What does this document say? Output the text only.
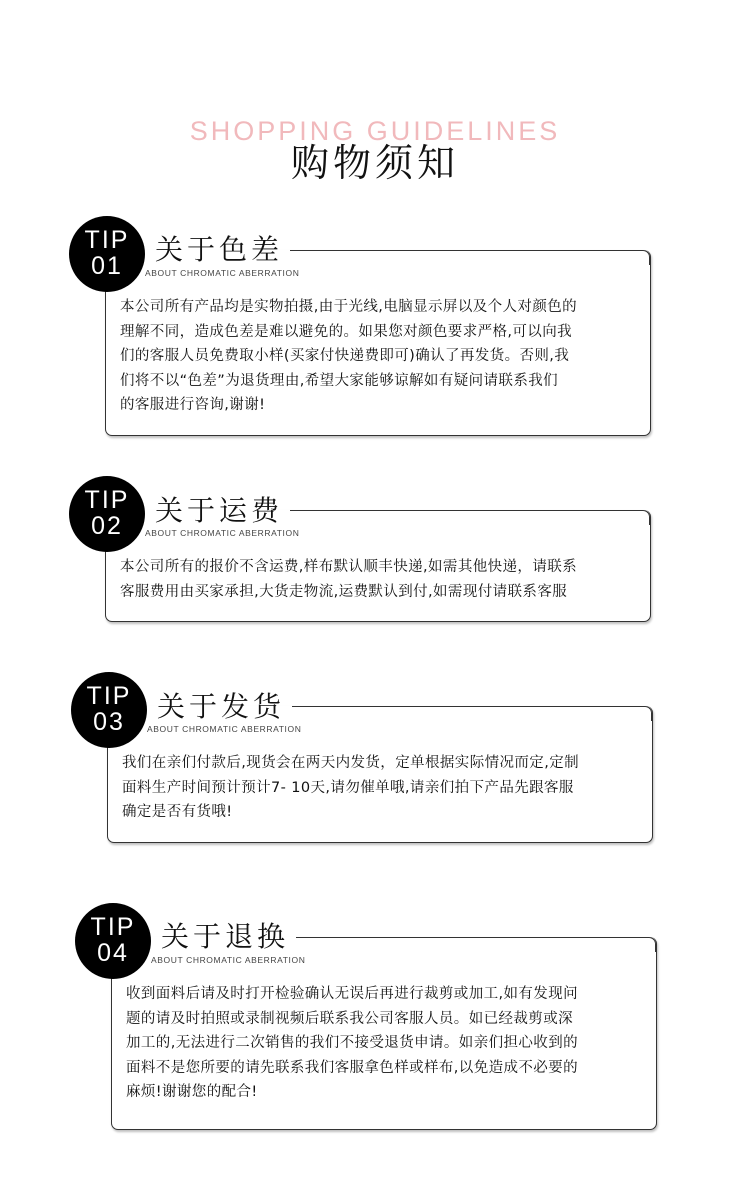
SHOPPING GUIDELINES
购物须知
TIP
01 关于色差
ABOUT CHROMATIC ABERRATION
本公司所有产品均是实物拍摄,由于光线,电脑显示屏以及个人对颜色的
理解不同，造成色差是难以避免的。如果您对颜色要求严格,可以向我
们的客服人员免费取小样(买家付快递费即可)确认了再发货。否则,我
们将不以“色差”为退货理由,希望大家能够谅解如有疑问请联系我们
的客服进行咨询,谢谢!
TIP
02 关于运费
ABOUT CHROMATIC ABERRATION
本公司所有的报价不含运费,样布默认顺丰快递,如需其他快递，请联系
客服费用由买家承担,大货走物流,运费默认到付,如需现付请联系客服
TIP
03 关于发货
ABOUT CHROMATIC ABERRATION
我们在亲们付款后,现货会在两天内发货，定单根据实际情况而定,定制
面料生产时间预计预计7- 10天,请勿催单哦,请亲们拍下产品先跟客服
确定是否有货哦!
TIP
04 关于退换
ABOUT CHROMATIC ABERRATION
收到面料后请及时打开检验确认无误后再进行裁剪或加工,如有发现问
题的请及时拍照或录制视频后联系我公司客服人员。如已经裁剪或深
加工的,无法进行二次销售的我们不接受退货申请。如亲们担心收到的
面料不是您所要的请先联系我们客服拿色样或样布,以免造成不必要的
麻烦!谢谢您的配合!
